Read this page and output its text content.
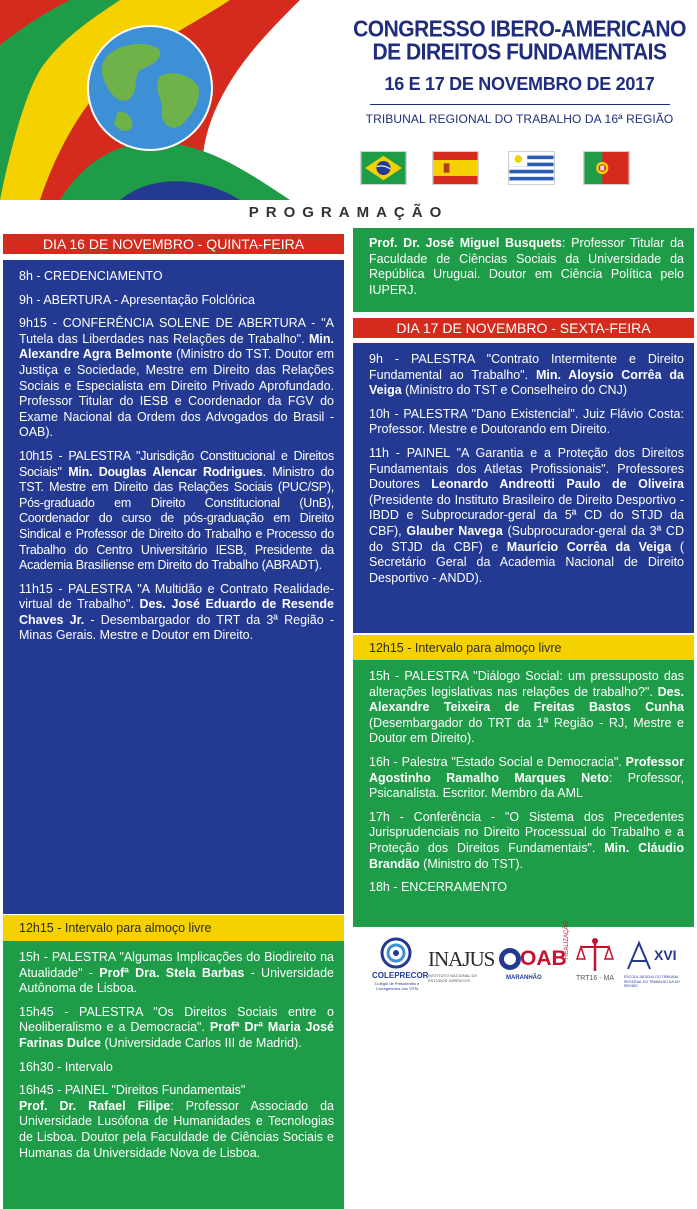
CONGRESSO IBERO-AMERICANO
DE DIREITOS FUNDAMENTAIS
16 E 17 DE NOVEMBRO DE 2017
TRIBUNAL REGIONAL DO TRABALHO DA 16ª REGIÃO
PROGRAMAÇÃO
DIA 16 DE NOVEMBRO - QUINTA-FEIRA

8h - CREDENCIAMENTO

9h - ABERTURA - Apresentação Folclórica

9h15 - CONFERÊNCIA SOLENE DE ABERTURA - "A Tutela das Liberdades nas Relações de Trabalho". Min. Alexandre Agra Belmonte (Ministro do TST. Doutor em Justiça e Sociedade, Mestre em Direito das Relações Sociais e Especialista em Direito Privado Aprofundado. Professor Titular do IESB e Coordenador da FGV do Exame Nacional da Ordem dos Advogados do Brasil - OAB).

10h15 - PALESTRA "Jurisdição Constitucional e Direitos Sociais" Min. Douglas Alencar Rodrigues. Ministro do TST. Mestre em Direito das Relações Sociais (PUC/SP), Pós-graduado em Direito Constitucional (UnB), Coordenador do curso de pós-graduação em Direito Sindical e Professor de Direito do Trabalho e Processo do Trabalho do Centro Universitário IESB, Presidente da Academia Brasiliense em Direito do Trabalho (ABRADT).

11h15 - PALESTRA "A Multidão e Contrato Realidade-virtual de Trabalho". Des. José Eduardo de Resende Chaves Jr. - Desembargador do TRT da 3ª Região - Minas Gerais. Mestre e Doutor em Direito.

12h15 - Intervalo para almoço livre

15h - PALESTRA "Algumas Implicações do Biodireito na Atualidade" - Profª Dra. Stela Barbas - Universidade Autônoma de Lisboa.

15h45 - PALESTRA "Os Direitos Sociais entre o Neoliberalismo e a Democracia". Profª Drª Maria José Farinas Dulce (Universidade Carlos III de Madrid).

16h30 - Intervalo

16h45 - PAINEL "Direitos Fundamentais"
Prof. Dr. Rafael Filipe: Professor Associado da Universidade Lusófona de Humanidades e Tecnologias de Lisboa. Doutor pela Faculdade de Ciências Sociais e Humanas da Universidade Nova de Lisboa.

Prof. Dr. José Miguel Busquets: Professor Titular da Faculdade de Ciências Sociais da Universidade da República Uruguai. Doutor em Ciência Política pelo IUPERJ.

DIA 17 DE NOVEMBRO - SEXTA-FEIRA

9h - PALESTRA "Contrato Intermitente e Direito Fundamental ao Trabalho". Min. Aloysio Corrêa da Veiga (Ministro do TST e Conselheiro do CNJ)

10h - PALESTRA "Dano Existencial". Juiz Flávio Costa: Professor. Mestre e Doutorando em Direito.

11h - PAINEL "A Garantia e a Proteção dos Direitos Fundamentais dos Atletas Profissionais". Professores Doutores Leonardo Andreotti Paulo de Oliveira (Presidente do Instituto Brasileiro de Direito Desportivo - IBDD e Subprocurador-geral da 5ª CD do STJD da CBF), Glauber Navega (Subprocurador-geral da 3ª CD do STJD da CBF) e Maurício Corrêa da Veiga ( Secretário Geral da Academia Nacional de Direito Desportivo - ANDD).

12h15 - Intervalo para almoço livre

15h - PALESTRA "Diálogo Social: um pressuposto das alterações legislativas nas relações de trabalho?". Des. Alexandre Teixeira de Freitas Bastos Cunha (Desembargador do TRT da 1ª Região - RJ, Mestre e Doutor em Direito).

16h - Palestra "Estado Social e Democracia". Professor Agostinho Ramalho Marques Neto: Professor, Psicanalista. Escritor. Membro da AML

17h - Conferência - "O Sistema dos Precedentes Jurisprudenciais no Direito Processual do Trabalho e a Proteção dos Direitos Fundamentais". Min. Cláudio Brandão (Ministro do TST).

18h - ENCERRAMENTO

COLEPRECOR
Colégio de Presidentes e Corregedores dos TRTs
INAJUS
INSTITUTO NACIONAL DE ESTUDOS JURÍDICOS
OAB
MARANHÃO
REALIZAÇÃO
TRT16 - MA
XVI
ESCOLA JUDICIAL DO TRIBUNAL REGIONAL DO TRABALHO DA 16ª REGIÃO
